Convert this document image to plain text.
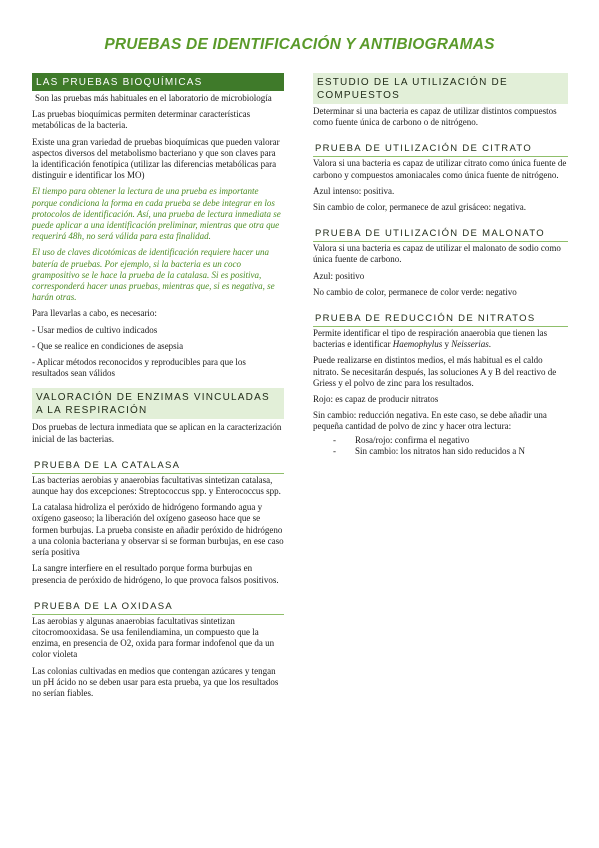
PRUEBAS DE IDENTIFICACIÓN Y ANTIBIOGRAMAS
LAS PRUEBAS BIOQUÍMICAS

Son las pruebas más habituales en el laboratorio de microbiología

Las pruebas bioquímicas permiten determinar características metabólicas de la bacteria.

Existe una gran variedad de pruebas bioquímicas que pueden valorar aspectos diversos del metabolismo bacteriano y que son claves para la identificación fenotípica (utilizar las diferencias metabólicas para distinguir e identificar los MO)

El tiempo para obtener la lectura de una prueba es importante porque condiciona la forma en cada prueba se debe integrar en los protocolos de identificación. Así, una prueba de lectura inmediata se puede aplicar a una identificación preliminar, mientras que otra que requerirá 48h, no será válida para esta finalidad.

El uso de claves dicotómicas de identificación requiere hacer una batería de pruebas. Por ejemplo, si la bacteria es un coco grampositivo se le hace la prueba de la catalasa. Si es positiva, corresponderá hacer unas pruebas, mientras que, si es negativa, se harán otras.

Para llevarlas a cabo, es necesario:

- Usar medios de cultivo indicados

- Que se realice en condiciones de asepsia

- Aplicar métodos reconocidos y reproducibles para que los resultados sean válidos

VALORACIÓN DE ENZIMAS VINCULADAS A LA RESPIRACIÓN

Dos pruebas de lectura inmediata que se aplican en la caracterización inicial de las bacterias.

PRUEBA DE LA CATALASA

Las bacterias aerobias y anaerobias facultativas sintetizan catalasa, aunque hay dos excepciones: Streptococcus spp. y Enterococcus spp.

La catalasa hidroliza el peróxido de hidrógeno formando agua y oxígeno gaseoso; la liberación del oxígeno gaseoso hace que se formen burbujas. La prueba consiste en añadir peróxido de hidrógeno a una colonia bacteriana y observar si se forman burbujas, en ese caso sería positiva

La sangre interfiere en el resultado porque forma burbujas en presencia de peróxido de hidrógeno, lo que provoca falsos positivos.

PRUEBA DE LA OXIDASA

Las aerobias y algunas anaerobias facultativas sintetizan citocromooxidasa. Se usa fenilendiamina, un compuesto que la enzima, en presencia de O2, oxida para formar indofenol que da un color violeta

Las colonias cultivadas en medios que contengan azúcares y tengan un pH ácido no se deben usar para esta prueba, ya que los resultados no serían fiables.

ESTUDIO DE LA UTILIZACIÓN DE COMPUESTOS

Determinar si una bacteria es capaz de utilizar distintos compuestos como fuente única de carbono o de nitrógeno.

PRUEBA DE UTILIZACIÓN DE CITRATO

Valora si una bacteria es capaz de utilizar citrato como única fuente de carbono y compuestos amoniacales como única fuente de nitrógeno.

Azul intenso: positiva.

Sin cambio de color, permanece de azul grisáceo: negativa.

PRUEBA DE UTILIZACIÓN DE MALONATO

Valora si una bacteria es capaz de utilizar el malonato de sodio como única fuente de carbono.

Azul: positivo

No cambio de color, permanece de color verde: negativo

PRUEBA DE REDUCCIÓN DE NITRATOS

Permite identificar el tipo de respiración anaerobia que tienen las bacterias e identificar Haemophylus y Neisserias.

Puede realizarse en distintos medios, el más habitual es el caldo nitrato. Se necesitarán después, las soluciones A y B del reactivo de Griess y el polvo de zinc para los resultados.

Rojo: es capaz de producir nitratos

Sin cambio: reducción negativa. En este caso, se debe añadir una pequeña cantidad de polvo de zinc y hacer otra lectura:

- Rosa/rojo: confirma el negativo
- Sin cambio: los nitratos han sido reducidos a N
